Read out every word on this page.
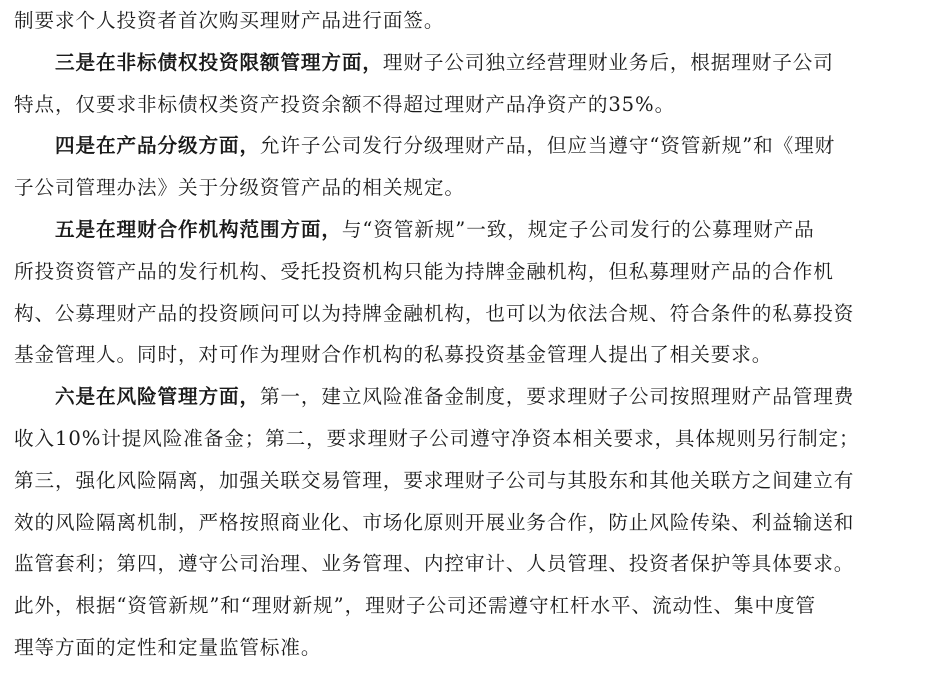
制要求个人投资者首次购买理财产品进行面签。

　　三是在非标债权投资限额管理方面，理财子公司独立经营理财业务后，根据理财子公司
特点，仅要求非标债权类资产投资余额不得超过理财产品净资产的35%。

　　四是在产品分级方面，允许子公司发行分级理财产品，但应当遵守“资管新规”和《理财
子公司管理办法》关于分级资管产品的相关规定。

　　五是在理财合作机构范围方面，与“资管新规”一致，规定子公司发行的公募理财产品
所投资资管产品的发行机构、受托投资机构只能为持牌金融机构，但私募理财产品的合作机
构、公募理财产品的投资顾问可以为持牌金融机构，也可以为依法合规、符合条件的私募投资
基金管理人。同时，对可作为理财合作机构的私募投资基金管理人提出了相关要求。

　　六是在风险管理方面，第一，建立风险准备金制度，要求理财子公司按照理财产品管理费
收入10%计提风险准备金；第二，要求理财子公司遵守净资本相关要求，具体规则另行制定；
第三，强化风险隔离，加强关联交易管理，要求理财子公司与其股东和其他关联方之间建立有
效的风险隔离机制，严格按照商业化、市场化原则开展业务合作，防止风险传染、利益输送和
监管套利；第四，遵守公司治理、业务管理、内控审计、人员管理、投资者保护等具体要求。
此外，根据“资管新规”和“理财新规”，理财子公司还需遵守杠杆水平、流动性、集中度管
理等方面的定性和定量监管标准。
